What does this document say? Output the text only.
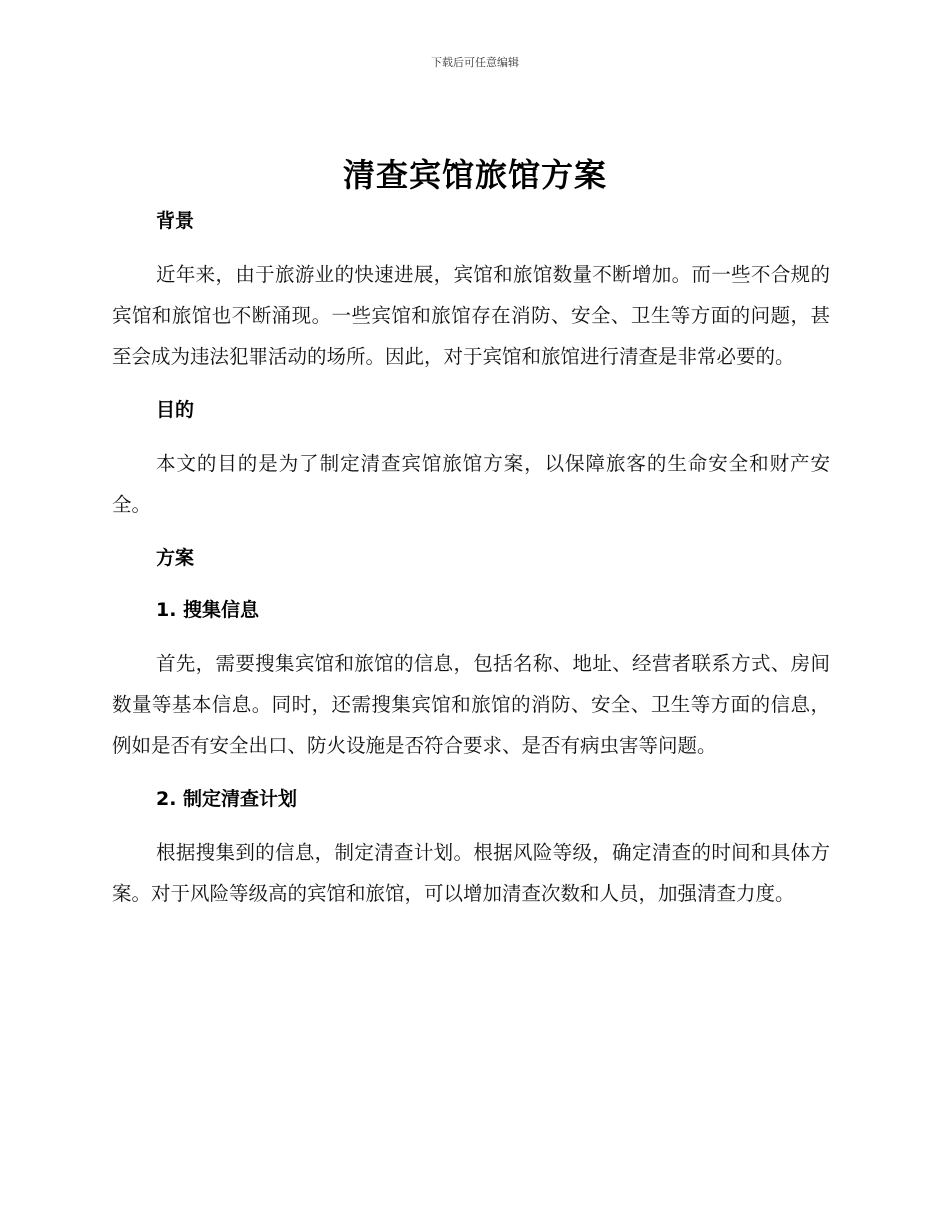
下载后可任意编辑
清查宾馆旅馆方案
背景

近年来，由于旅游业的快速进展，宾馆和旅馆数量不断增加。而一些不合规的宾馆和旅馆也不断涌现。一些宾馆和旅馆存在消防、安全、卫生等方面的问题，甚至会成为违法犯罪活动的场所。因此，对于宾馆和旅馆进行清查是非常必要的。

目的

本文的目的是为了制定清查宾馆旅馆方案，以保障旅客的生命安全和财产安全。

方案
1. 搜集信息

首先，需要搜集宾馆和旅馆的信息，包括名称、地址、经营者联系方式、房间数量等基本信息。同时，还需搜集宾馆和旅馆的消防、安全、卫生等方面的信息，例如是否有安全出口、防火设施是否符合要求、是否有病虫害等问题。

2. 制定清查计划

根据搜集到的信息，制定清查计划。根据风险等级，确定清查的时间和具体方案。对于风险等级高的宾馆和旅馆，可以增加清查次数和人员，加强清查力度。
